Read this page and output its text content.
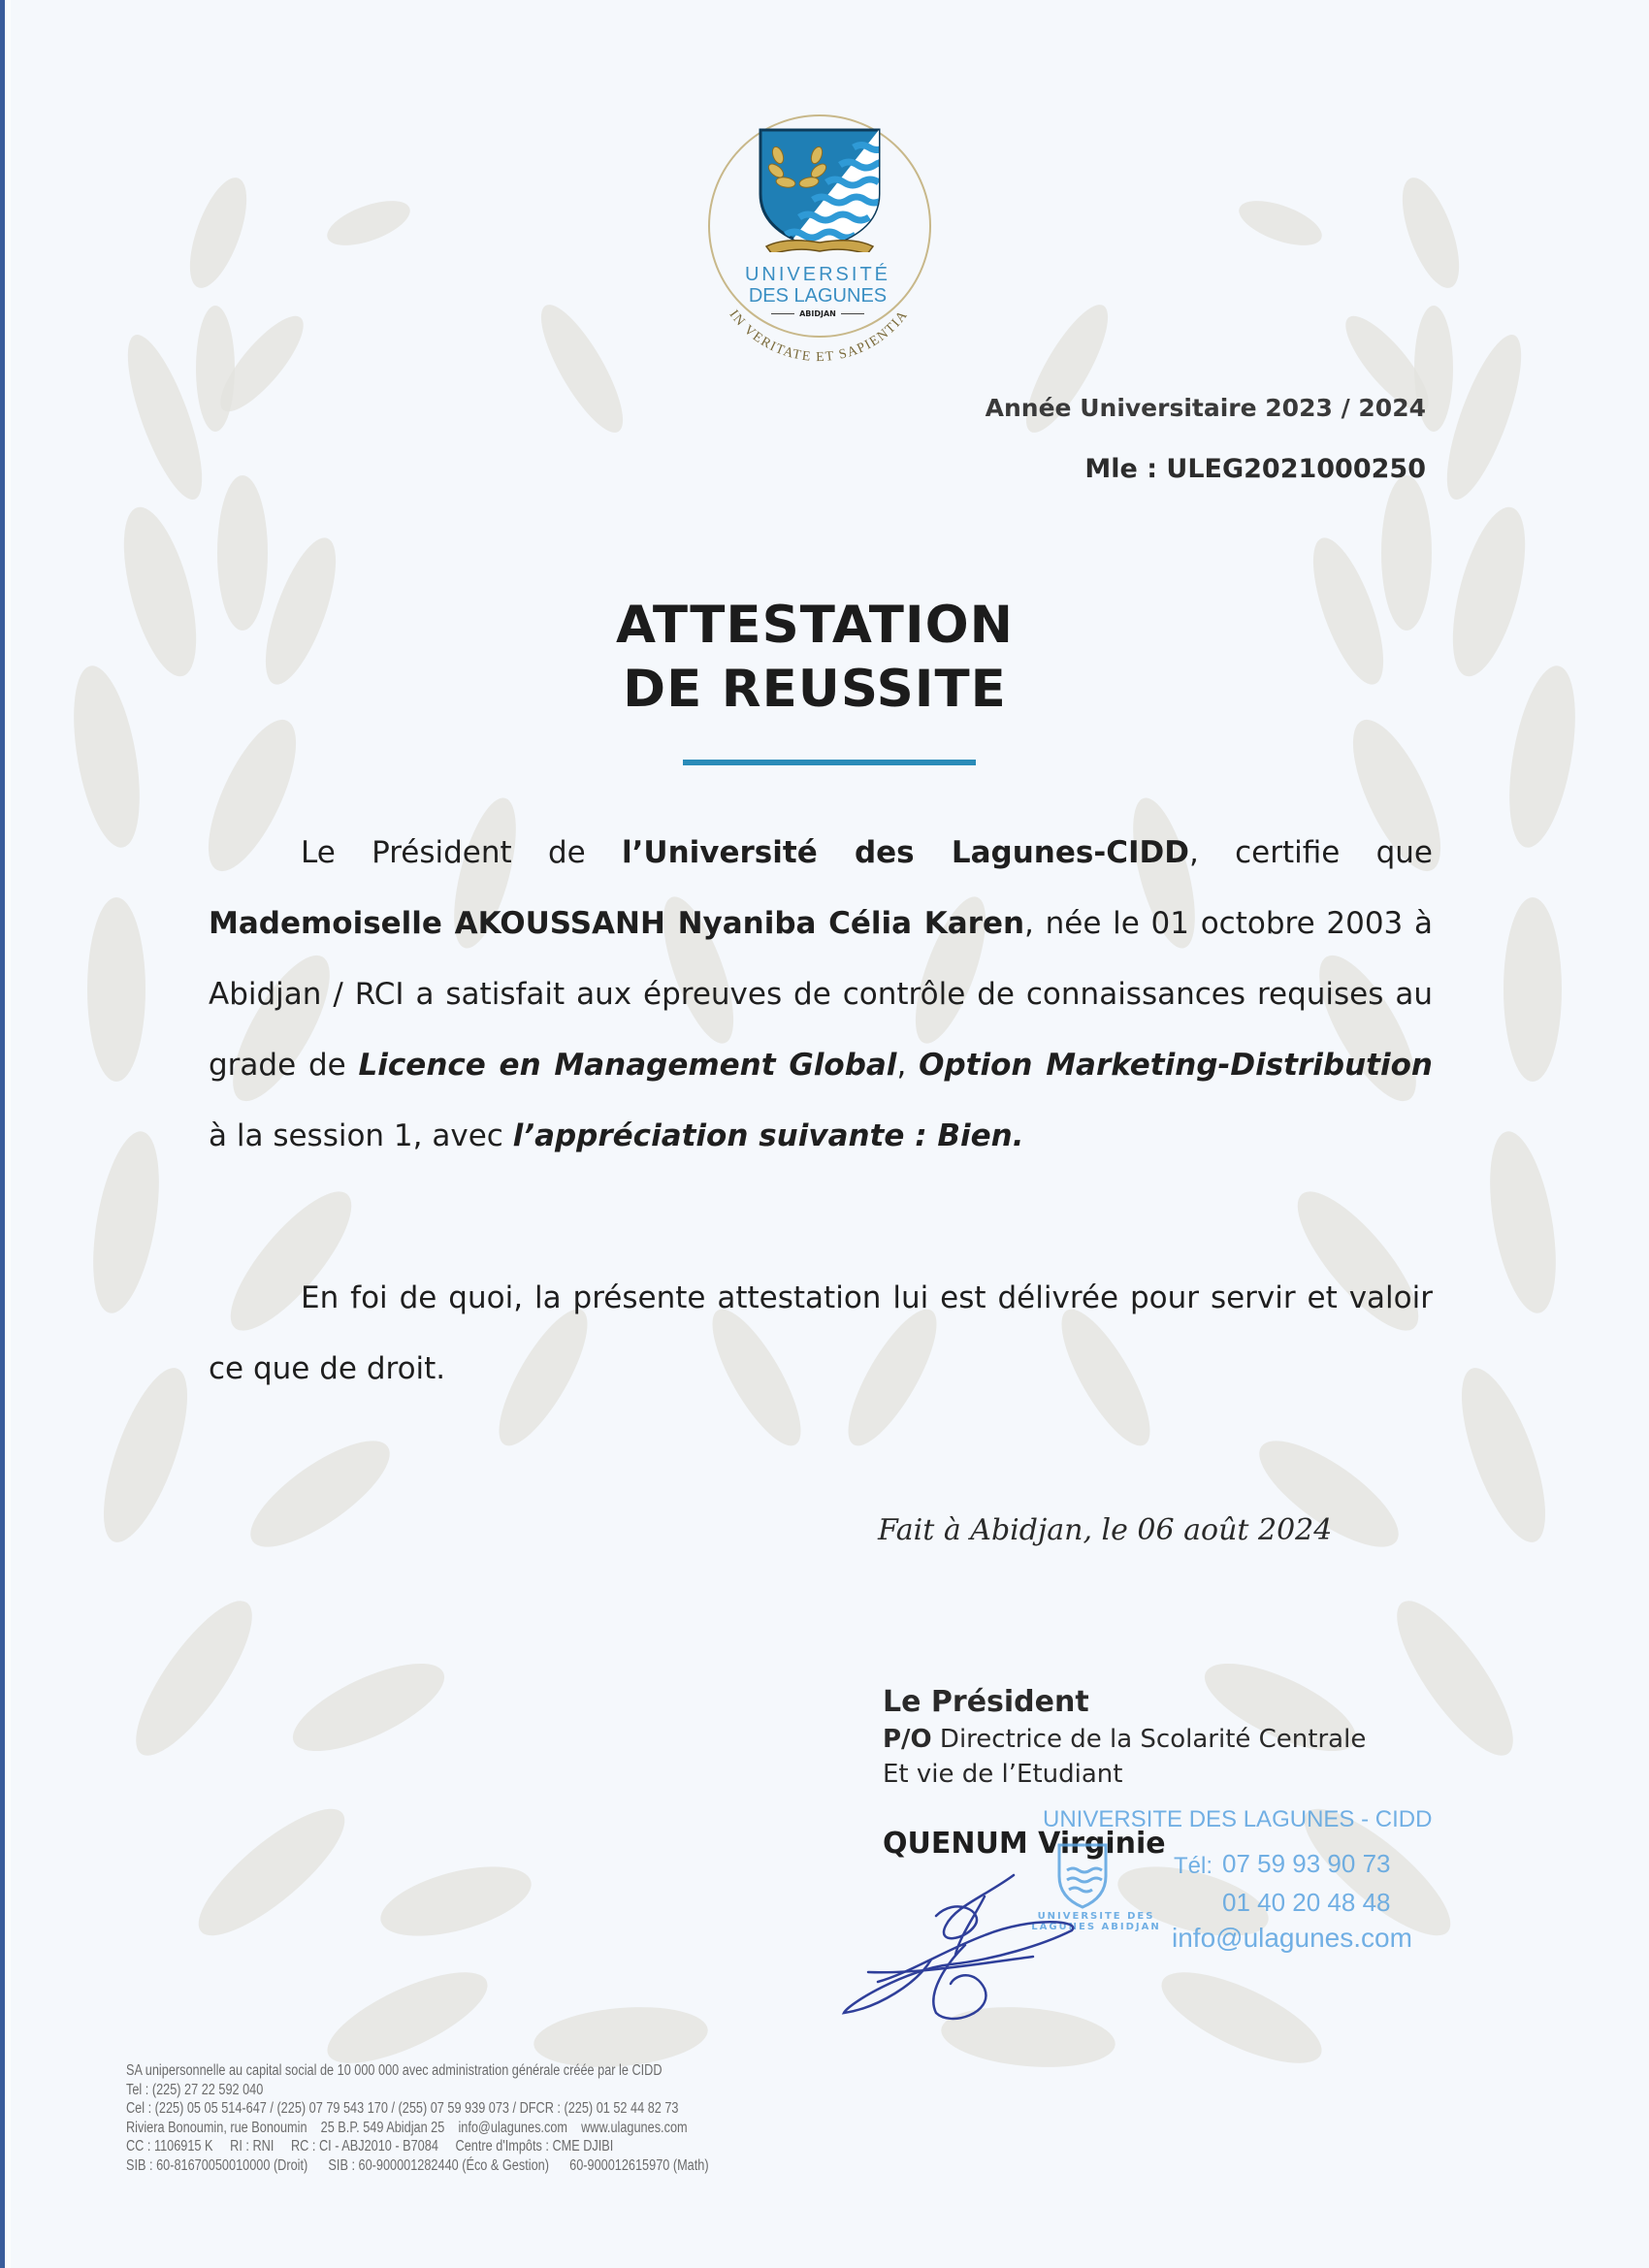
UNIVERSITÉ
DES LAGUNES
ABIDJAN
IN VERITATE ET SAPIENTIA
Année Universitaire 2023 / 2024
Mle : ULEG2021000250
ATTESTATION
DE REUSSITE
Le Président de l’Université des Lagunes-CIDD, certifie que Mademoiselle AKOUSSANH Nyaniba Célia Karen, née le 01 octobre 2003 à Abidjan / RCI a satisfait aux épreuves de contrôle de connaissances requises au grade de Licence en Management Global, Option Marketing-Distribution à la session 1, avec l’appréciation suivante : Bien.
En foi de quoi, la présente attestation lui est délivrée pour servir et valoir ce que de droit.
Fait à Abidjan, le 06 août 2024
Le Président
P/O Directrice de la Scolarité Centrale
Et vie de l’Etudiant
QUENUM Virginie
UNIVERSITE DES LAGUNES - CIDD
UNIVERSITE DES LAGUNES ABIDJAN
Tél: 07 59 93 90 73
01 40 20 48 48
info@ulagunes.com
SA unipersonnelle au capital social de 10 000 000 avec administration générale créée par le CIDD
Tel : (225) 27 22 592 040
Cel : (225) 05 05 514-647 / (225) 07 79 543 170 / (255) 07 59 939 073 / DFCR : (225) 01 52 44 82 73
Riviera Bonoumin, rue Bonoumin    25 B.P. 549 Abidjan 25    info@ulagunes.com    www.ulagunes.com
CC : 1106915 K     RI : RNI     RC : CI - ABJ2010 - B7084     Centre d'Impôts : CME DJIBI
SIB : 60-81670050010000 (Droit)      SIB : 60-900001282440 (Éco & Gestion)      60-900012615970 (Math)
